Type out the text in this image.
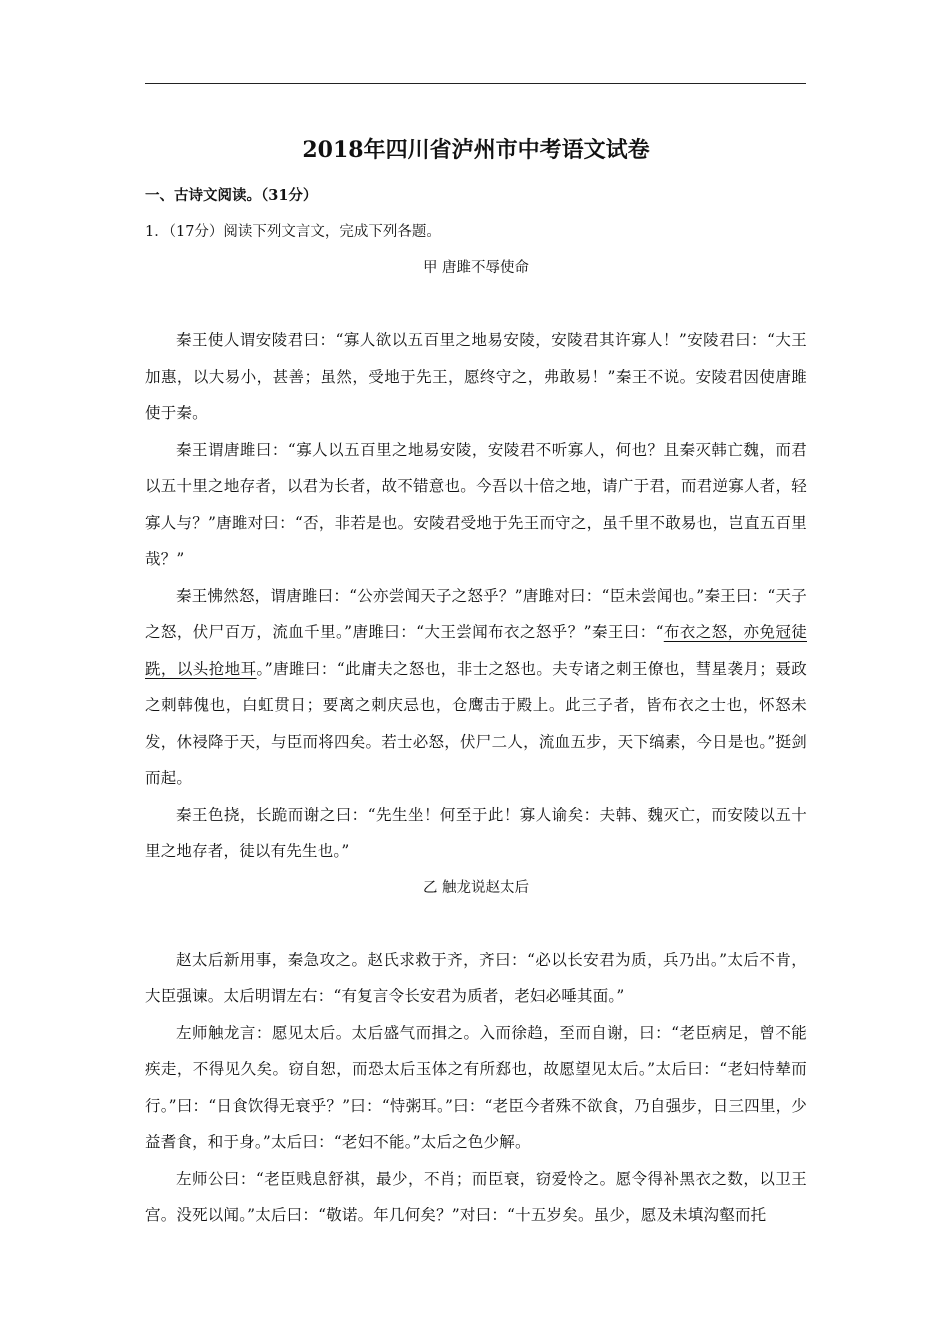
2018年四川省泸州市中考语文试卷

一、古诗文阅读。（31分）

1．（17分）阅读下列文言文，完成下列各题。

甲 唐雎不辱使命

秦王使人谓安陵君曰：“寡人欲以五百里之地易安陵，安陵君其许寡人！”安陵君曰：“大王加惠，以大易小，甚善；虽然，受地于先王，愿终守之，弗敢易！”秦王不说。安陵君因使唐雎使于秦。

秦王谓唐雎曰：“寡人以五百里之地易安陵，安陵君不听寡人，何也？且秦灭韩亡魏，而君以五十里之地存者，以君为长者，故不错意也。今吾以十倍之地，请广于君，而君逆寡人者，轻寡人与？”唐雎对曰：“否，非若是也。安陵君受地于先王而守之，虽千里不敢易也，岂直五百里哉？”

秦王怫然怒，谓唐雎曰：“公亦尝闻天子之怒乎？”唐雎对曰：“臣未尝闻也。”秦王曰：“天子之怒，伏尸百万，流血千里。”唐雎曰：“大王尝闻布衣之怒乎？”秦王曰：“布衣之怒，亦免冠徒跣，以头抢地耳。”唐雎曰：“此庸夫之怒也，非士之怒也。夫专诸之刺王僚也，彗星袭月；聂政之刺韩傀也，白虹贯日；要离之刺庆忌也，仓鹰击于殿上。此三子者，皆布衣之士也，怀怒未发，休祲降于天，与臣而将四矣。若士必怒，伏尸二人，流血五步，天下缟素，今日是也。”挺剑而起。

秦王色挠，长跪而谢之曰：“先生坐！何至于此！寡人谕矣：夫韩、魏灭亡，而安陵以五十里之地存者，徒以有先生也。”

乙 触龙说赵太后

赵太后新用事，秦急攻之。赵氏求救于齐，齐曰：“必以长安君为质，兵乃出。”太后不肯，大臣强谏。太后明谓左右：“有复言令长安君为质者，老妇必唾其面。”

左师触龙言：愿见太后。太后盛气而揖之。入而徐趋，至而自谢，曰：“老臣病足，曾不能疾走，不得见久矣。窃自恕，而恐太后玉体之有所郄也，故愿望见太后。”太后曰：“老妇恃辇而行。”曰：“日食饮得无衰乎？”曰：“恃粥耳。”曰：“老臣今者殊不欲食，乃自强步，日三四里，少益耆食，和于身。”太后曰：“老妇不能。”太后之色少解。

左师公曰：“老臣贱息舒祺，最少，不肖；而臣衰，窃爱怜之。愿令得补黑衣之数，以卫王宫。没死以闻。”太后曰：“敬诺。年几何矣？”对曰：“十五岁矣。虽少，愿及未填沟壑而托
